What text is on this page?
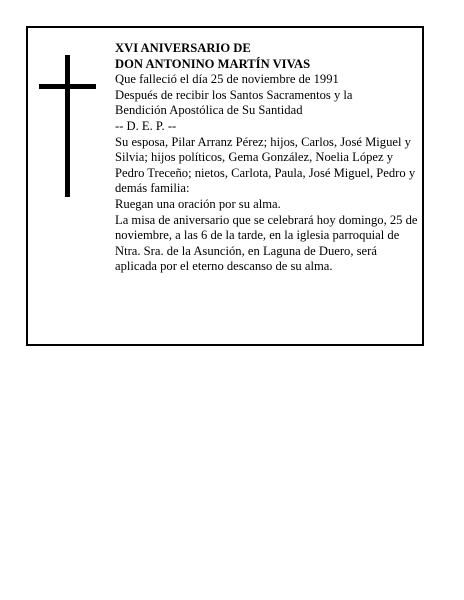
XVI ANIVERSARIO DE

DON ANTONINO MARTÍN VIVAS

Que falleció el día 25 de noviembre de 1991

Después de recibir los Santos Sacramentos y la

Bendición Apostólica de Su Santidad

-- D. E. P. --

Su esposa, Pilar Arranz Pérez; hijos, Carlos, José Miguel y Silvia; hijos políticos, Gema González, Noelia López y Pedro Treceño; nietos, Carlota, Paula, José Miguel, Pedro y demás familia:

Ruegan una oración por su alma.

La misa de aniversario que se celebrará hoy domingo, 25 de noviembre, a las 6 de la tarde, en la iglesia parroquial de Ntra. Sra. de la Asunción, en Laguna de Duero, será aplicada por el eterno descanso de su alma.
